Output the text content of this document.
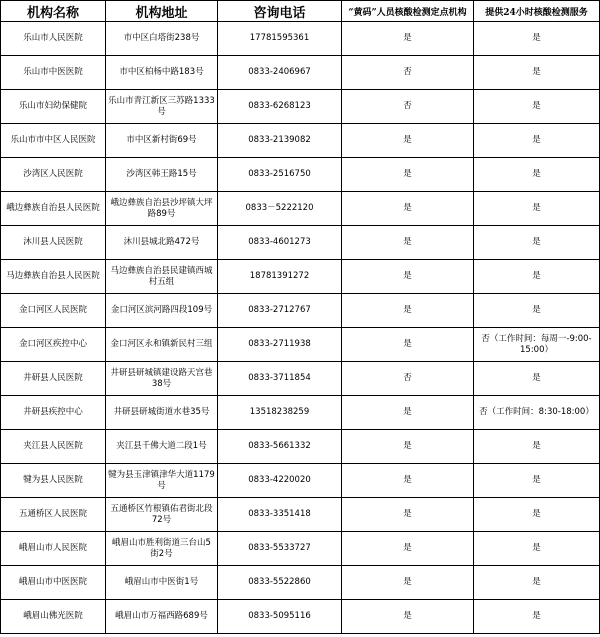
机构名称	机构地址	咨询电话	“黄码”人员核酸检测定点机构	提供24小时核酸检测服务
乐山市人民医院	市中区白塔街238号	17781595361	是	是
乐山市中医医院	市中区柏杨中路183号	0833-2406967	否	是
乐山市妇幼保健院	乐山市青江新区三苏路1333号	0833-6268123	否	是
乐山市市中区人民医院	市中区新村街69号	0833-2139082	是	是
沙湾区人民医院	沙湾区韩王路15号	0833-2516750	是	是
峨边彝族自治县人民医院	峨边彝族自治县沙坪镇大坪路89号	0833－5222120	是	是
沐川县人民医院	沐川县城北路472号	0833-4601273	是	是
马边彝族自治县人民医院	马边彝族自治县民建镇西城村五组	18781391272	是	是
金口河区人民医院	金口河区滨河路四段109号	0833-2712767	是	是
金口河区疾控中心	金口河区永和镇新民村三组	0833-2711938	是	否（工作时间：每周一-9:00-15:00）
井研县人民医院	井研县研城镇建设路天宫巷38号	0833-3711854	否	是
井研县疾控中心	井研县研城街道水巷35号	13518238259	是	否（工作时间：8:30-18:00）
夹江县人民医院	夹江县千佛大道二段1号	0833-5661332	是	是
犍为县人民医院	犍为县玉津镇津华大道1179号	0833-4220020	是	是
五通桥区人民医院	五通桥区竹根镇佑君街北段72号	0833-3351418	是	是
峨眉山市人民医院	峨眉山市胜利街道三台山5街2号	0833-5533727	是	是
峨眉山市中医医院	峨眉山市中医街1号	0833-5522860	是	是
峨眉山佛光医院	峨眉山市万福西路689号	0833-5095116	是	是
